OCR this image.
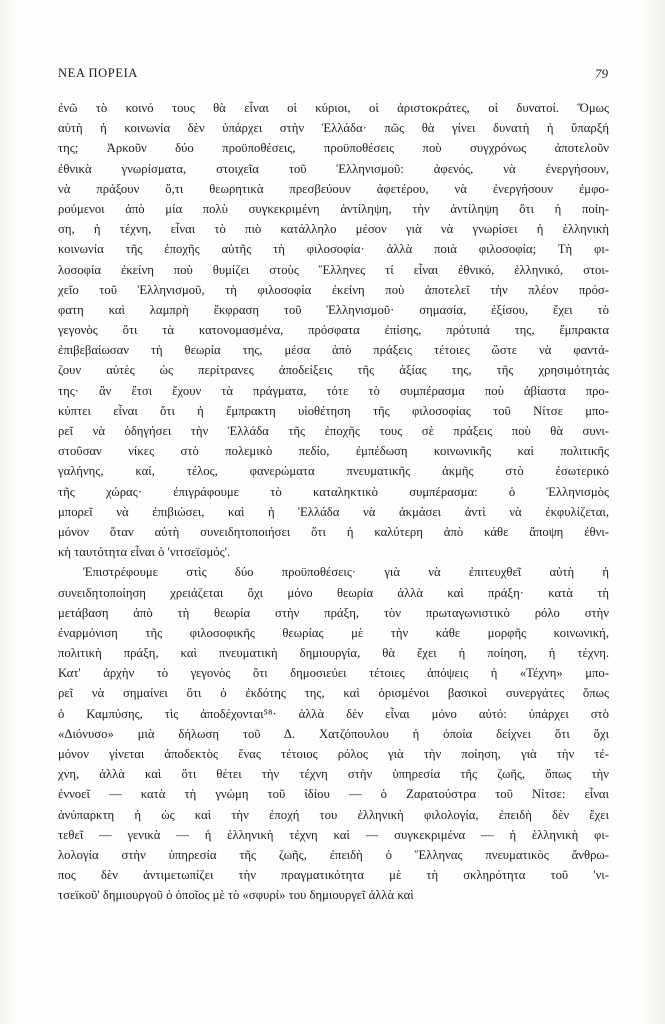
ΝΕΑ ΠΟΡΕΙΑ	79
ἐνῶ τὸ κοινό τους θὰ εἶναι οἱ κύριοι, οἱ ἀριστοκράτες, οἱ δυνατοί. Ὅμως
αὐτὴ ἡ κοινωνία δὲν ὑπάρχει στὴν Ἑλλάδα· πῶς θὰ γίνει δυνατὴ ἡ ὕπαρξή
της; Ἀρκοῦν δύο προϋποθέσεις, προϋποθέσεις ποὺ συγχρόνως ἀποτελοῦν
ἐθνικὰ γνωρίσματα, στοιχεῖα τοῦ Ἑλληνισμοῦ: ἀφενός, νὰ ἐνεργήσουν,
νὰ πράξουν ὅ,τι θεωρητικὰ πρεσβεύουν ἀφετέρου, νὰ ἐνεργήσουν ἐμφο-
ρούμενοι ἀπὸ μία πολὺ συγκεκριμένη ἀντίληψη, τὴν ἀντίληψη ὅτι ἡ ποίη-
ση, ἡ τέχνη, εἶναι τὸ πιὸ κατάλληλο μέσον γιὰ νὰ γνωρίσει ἡ ἑλληνικὴ
κοινωνία τῆς ἐποχῆς αὐτῆς τὴ φιλοσοφία· ἀλλὰ ποιὰ φιλοσοφία; Τὴ φι-
λοσοφία ἐκείνη ποὺ θυμίζει στοὺς Ἕλληνες τί εἶναι ἐθνικό, ἑλληνικό, στοι-
χεῖο τοῦ Ἑλληνισμοῦ, τὴ φιλοσοφία ἐκείνη ποὺ ἀποτελεῖ τὴν πλέον πρόσ-
φατη καὶ λαμπρὴ ἔκφραση τοῦ Ἑλληνισμοῦ· σημασία, ἐξίσου, ἔχει τὸ
γεγονὸς ὅτι τὰ κατονομασμένα, πρόσφατα ἐπίσης, πρότυπά της, ἔμπρακτα
ἐπιβεβαίωσαν τὴ θεωρία της, μέσα ἀπὸ πράξεις τέτοιες ὥστε νὰ φαντά-
ζουν αὐτὲς ὡς περίτρανες ἀποδείξεις τῆς ἀξίας της, τῆς χρησιμότητάς
της· ἂν ἔτσι ἔχουν τὰ πράγματα, τότε τὸ συμπέρασμα ποὺ ἀβίαστα προ-
κύπτει εἶναι ὅτι ἡ ἔμπρακτη υἱοθέτηση τῆς φιλοσοφίας τοῦ Νίτσε μπο-
ρεῖ νὰ ὁδηγήσει τὴν Ἑλλάδα τῆς ἐποχῆς τους σὲ πράξεις ποὺ θὰ συνι-
στοῦσαν νίκες στὸ πολεμικὸ πεδίο, ἐμπέδωση κοινωνικῆς καὶ πολιτικῆς
γαλήνης, καί, τέλος, φανερώματα πνευματικῆς ἀκμῆς στὸ ἐσωτερικὸ
τῆς χώρας· ἐπιγράφουμε τὸ καταληκτικὸ συμπέρασμα: ὁ Ἑλληνισμὸς
μπορεῖ νὰ ἐπιβιώσει, καὶ ἡ Ἑλλάδα νὰ ἀκμάσει ἀντὶ νὰ ἐκφυλίζεται,
μόνον ὅταν αὐτὴ συνειδητοποιήσει ὅτι ἡ καλύτερη ἀπὸ κάθε ἄποψη ἐθνι-
κὴ ταυτότητα εἶναι ὁ 'νιτσεϊσμός'.
Ἐπιστρέφουμε στὶς δύο προϋποθέσεις· γιὰ νὰ ἐπιτευχθεῖ αὐτὴ ἡ
συνειδητοποίηση χρειάζεται ὄχι μόνο θεωρία ἀλλὰ καὶ πράξη· κατὰ τὴ
μετάβαση ἀπὸ τὴ θεωρία στὴν πράξη, τὸν πρωταγωνιστικὸ ρόλο στὴν
ἐναρμόνιση τῆς φιλοσοφικῆς θεωρίας μὲ τὴν κάθε μορφῆς κοινωνική,
πολιτικὴ πράξη, καὶ πνευματικὴ δημιουργία, θὰ ἔχει ἡ ποίηση, ἡ τέχνη.
Κατ' ἀρχὴν τὸ γεγονὸς ὅτι δημοσιεύει τέτοιες ἀπόψεις ἡ «Τέχνη» μπο-
ρεῖ νὰ σημαίνει ὅτι ὁ ἐκδότης της, καὶ ὁρισμένοι βασικοὶ συνεργάτες ὅπως
ὁ Καμπύσης, τὶς ἀποδέχονται⁵⁸· ἀλλὰ δὲν εἶναι μόνο αὐτό: ὑπάρχει στὸ
«Διόνυσο» μιὰ δήλωση τοῦ Δ. Χατζόπουλου ἡ ὁποία δείχνει ὅτι ὄχι
μόνον γίνεται ἀποδεκτὸς ἕνας τέτοιος ρόλος γιὰ τὴν ποίηση, γιὰ τὴν τέ-
χνη, ἀλλὰ καὶ ὅτι θέτει τὴν τέχνη στὴν ὑπηρεσία τῆς ζωῆς, ὅπως τὴν
ἐννοεῖ — κατὰ τὴ γνώμη τοῦ ἰδίου — ὁ Ζαρατούστρα τοῦ Νίτσε: εἶναι
ἀνύπαρκτη ἡ ὡς καὶ τὴν ἐποχή του ἑλληνικὴ φιλολογία, ἐπειδὴ δὲν ἔχει
τεθεῖ — γενικὰ — ἡ ἑλληνικὴ τέχνη καὶ — συγκεκριμένα — ἡ ἑλληνικὴ φι-
λολογία στὴν ὑπηρεσία τῆς ζωῆς, ἐπειδὴ ὁ Ἕλληνας πνευματικὸς ἄνθρω-
πος δὲν ἀντιμετωπίζει τὴν πραγματικότητα μὲ τὴ σκληρότητα τοῦ 'νι-
τσεϊκοῦ' δημιουργοῦ ὁ ὁποῖος μὲ τὸ «σφυρί» του δημιουργεῖ ἀλλὰ καὶ
